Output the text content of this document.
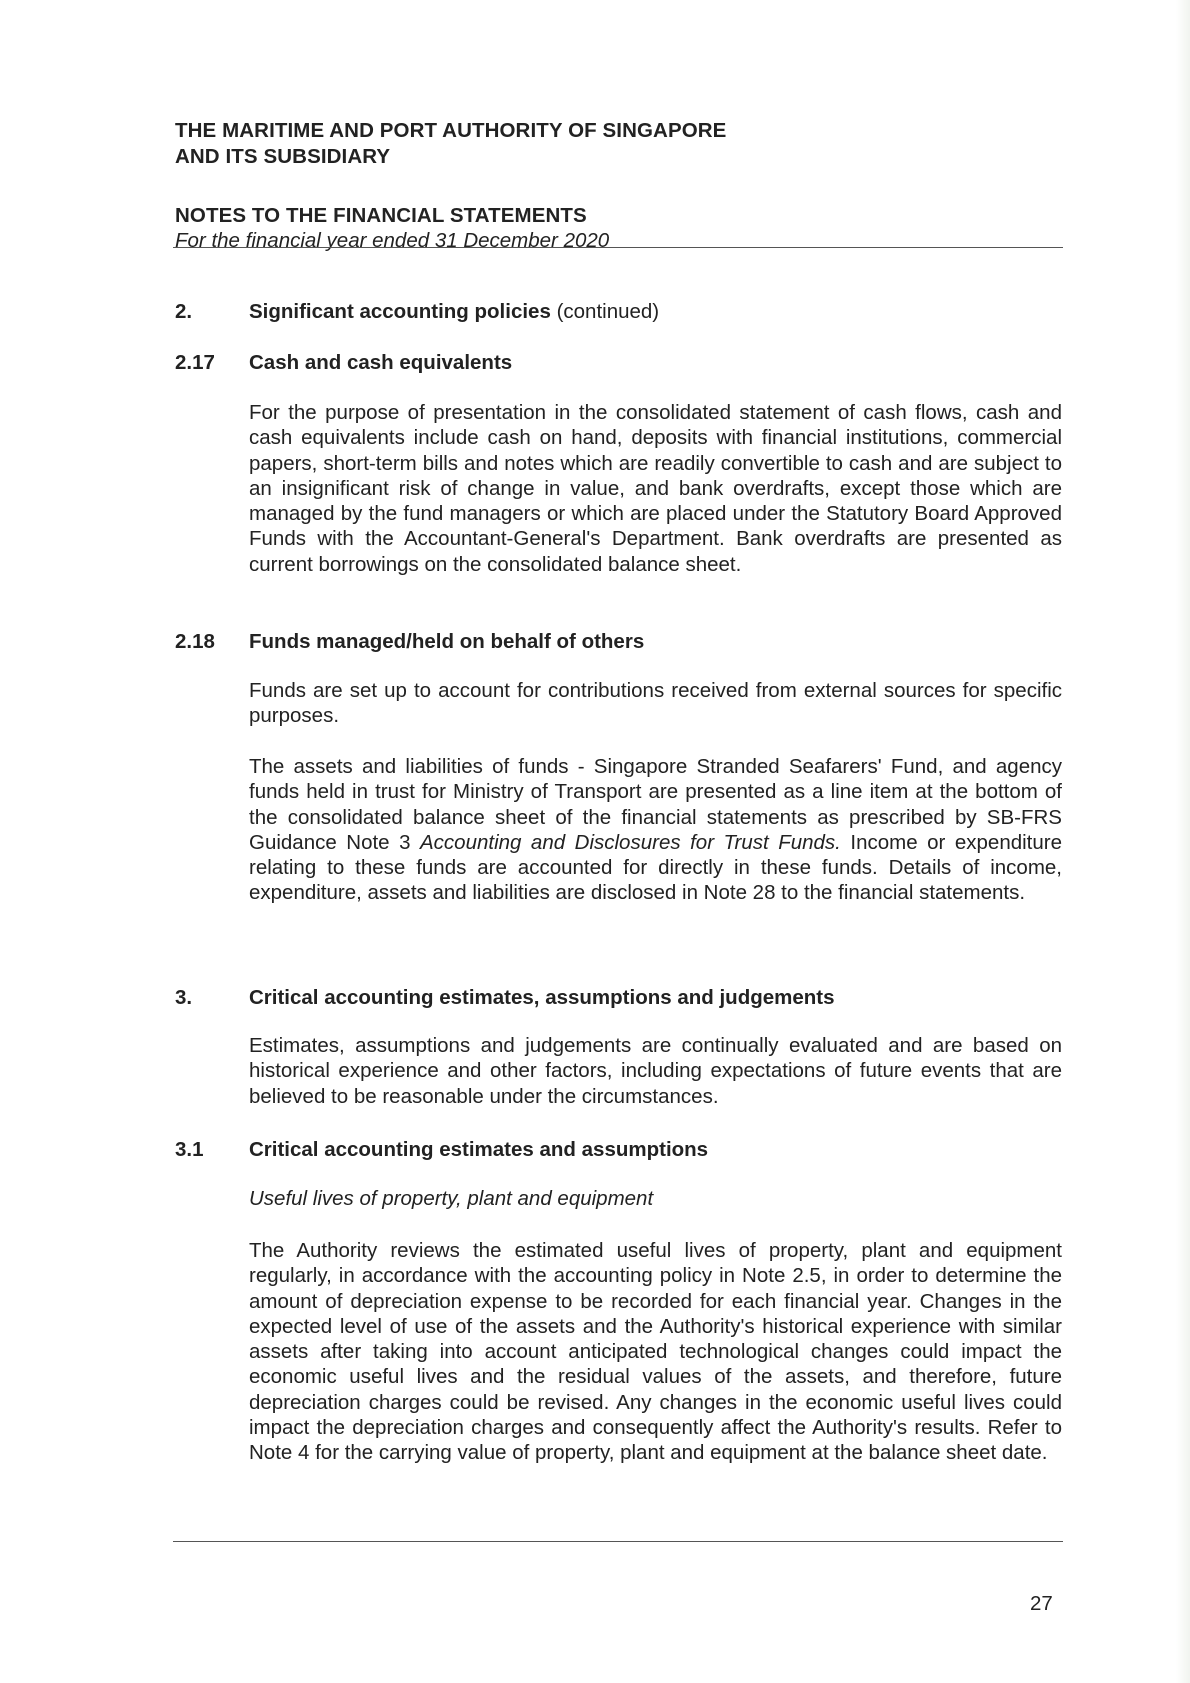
THE MARITIME AND PORT AUTHORITY OF SINGAPORE
AND ITS SUBSIDIARY
NOTES TO THE FINANCIAL STATEMENTS
For the financial year ended 31 December 2020
2.	Significant accounting policies (continued)
2.17 Cash and cash equivalents
For the purpose of presentation in the consolidated statement of cash flows, cash and cash equivalents include cash on hand, deposits with financial institutions, commercial papers, short-term bills and notes which are readily convertible to cash and are subject to an insignificant risk of change in value, and bank overdrafts, except those which are managed by the fund managers or which are placed under the Statutory Board Approved Funds with the Accountant-General's Department. Bank overdrafts are presented as current borrowings on the consolidated balance sheet.
2.18 Funds managed/held on behalf of others
Funds are set up to account for contributions received from external sources for specific purposes.
The assets and liabilities of funds - Singapore Stranded Seafarers' Fund, and agency funds held in trust for Ministry of Transport are presented as a line item at the bottom of the consolidated balance sheet of the financial statements as prescribed by SB-FRS Guidance Note 3 Accounting and Disclosures for Trust Funds. Income or expenditure relating to these funds are accounted for directly in these funds. Details of income, expenditure, assets and liabilities are disclosed in Note 28 to the financial statements.
3.	Critical accounting estimates, assumptions and judgements
Estimates, assumptions and judgements are continually evaluated and are based on historical experience and other factors, including expectations of future events that are believed to be reasonable under the circumstances.
3.1 Critical accounting estimates and assumptions
Useful lives of property, plant and equipment
The Authority reviews the estimated useful lives of property, plant and equipment regularly, in accordance with the accounting policy in Note 2.5, in order to determine the amount of depreciation expense to be recorded for each financial year. Changes in the expected level of use of the assets and the Authority's historical experience with similar assets after taking into account anticipated technological changes could impact the economic useful lives and the residual values of the assets, and therefore, future depreciation charges could be revised. Any changes in the economic useful lives could impact the depreciation charges and consequently affect the Authority's results. Refer to Note 4 for the carrying value of property, plant and equipment at the balance sheet date.
27
